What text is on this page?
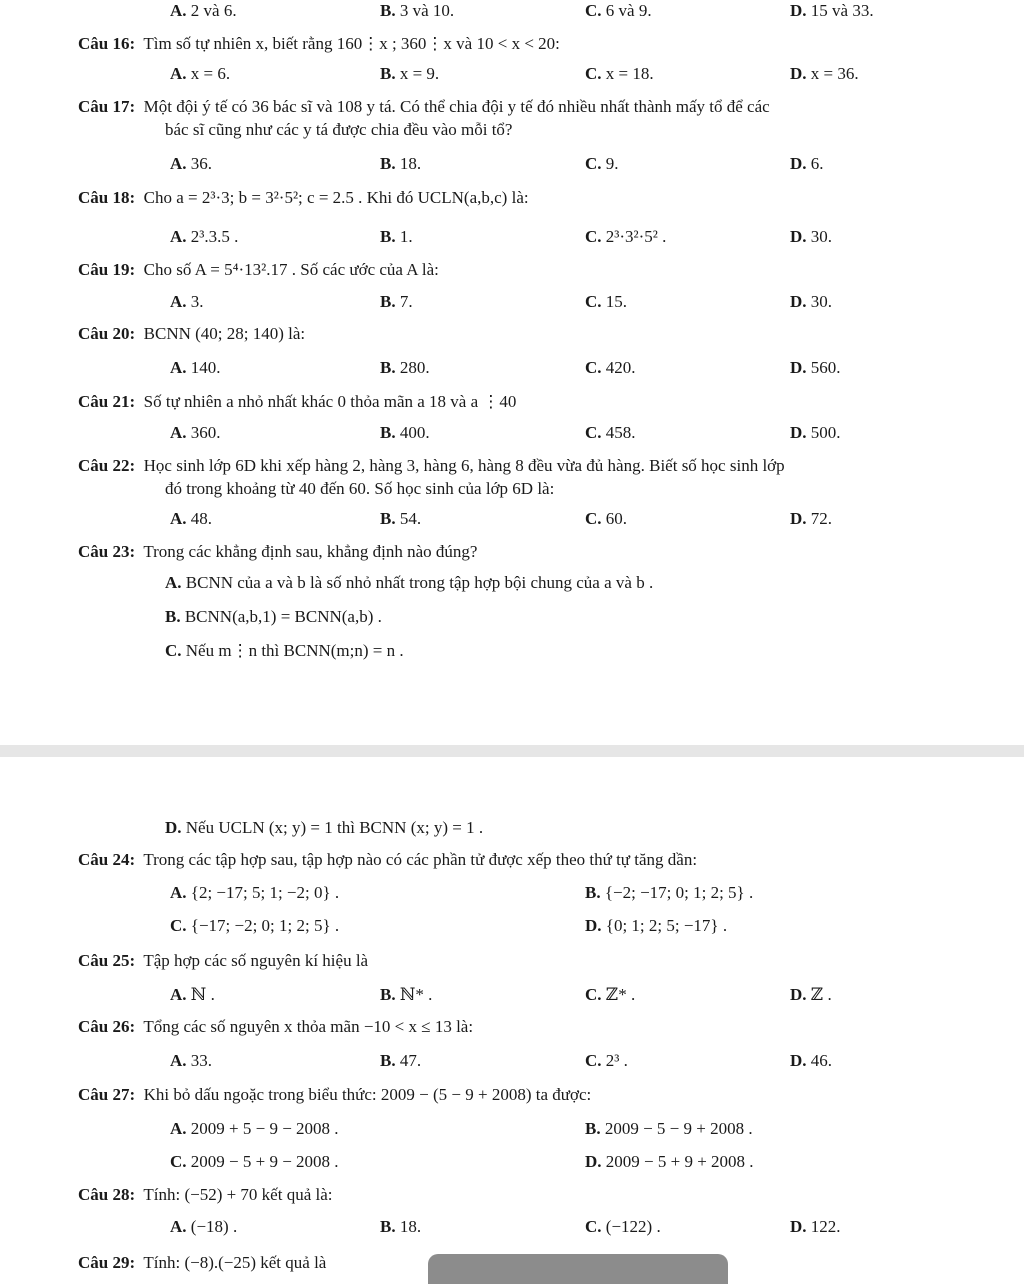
A. 2 và 6.	B. 3 và 10.	C. 6 và 9.	D. 15 và 33.
Câu 16: Tìm số tự nhiên x, biết rằng 160⋮x ; 360⋮x và 10 < x < 20:
A. x = 6.	B. x = 9.	C. x = 18.	D. x = 36.
Câu 17: Một đội ý tế có 36 bác sĩ và 108 y tá. Có thể chia đội y tế đó nhiều nhất thành mấy tổ để các
bác sĩ cũng như các y tá được chia đều vào mỗi tổ?
A. 36.	B. 18.	C. 9.	D. 6.
Câu 18: Cho a = 2³·3; b = 3²·5²; c = 2.5 . Khi đó UCLN(a,b,c) là:
A. 2³.3.5 .	B. 1.	C. 2³·3²·5² .	D. 30.
Câu 19: Cho số A = 5⁴·13².17 . Số các ước của A là:
A. 3.	B. 7.	C. 15.	D. 30.
Câu 20: BCNN (40; 28; 140) là:
A. 140.	B. 280.	C. 420.	D. 560.
Câu 21: Số tự nhiên a nhỏ nhất khác 0 thỏa mãn a 18 và a ⋮40
A. 360.	B. 400.	C. 458.	D. 500.
Câu 22: Học sinh lớp 6D khi xếp hàng 2, hàng 3, hàng 6, hàng 8 đều vừa đủ hàng. Biết số học sinh lớp
đó trong khoảng từ 40 đến 60. Số học sinh của lớp 6D là:
A. 48.	B. 54.	C. 60.	D. 72.
Câu 23: Trong các khẳng định sau, khẳng định nào đúng?
A. BCNN của a và b là số nhỏ nhất trong tập hợp bội chung của a và b .
B. BCNN(a,b,1) = BCNN(a,b) .
C. Nếu m⋮n thì BCNN(m;n) = n .
D. Nếu UCLN (x; y) = 1 thì BCNN (x; y) = 1 .
Câu 24: Trong các tập hợp sau, tập hợp nào có các phần tử được xếp theo thứ tự tăng dần:
A. {2; −17; 5; 1; −2; 0} .	B. {−2; −17; 0; 1; 2; 5} .
C. {−17; −2; 0; 1; 2; 5} .	D. {0; 1; 2; 5; −17} .
Câu 25: Tập hợp các số nguyên kí hiệu là
A. ℕ .	B. ℕ* .	C. ℤ* .	D. ℤ .
Câu 26: Tổng các số nguyên x thỏa mãn −10 < x ≤ 13 là:
A. 33.	B. 47.	C. 2³ .	D. 46.
Câu 27: Khi bỏ dấu ngoặc trong biểu thức: 2009 − (5 − 9 + 2008) ta được:
A. 2009 + 5 − 9 − 2008 .	B. 2009 − 5 − 9 + 2008 .
C. 2009 − 5 + 9 − 2008 .	D. 2009 − 5 + 9 + 2008 .
Câu 28: Tính: (−52) + 70 kết quả là:
A. (−18) .	B. 18.	C. (−122) .	D. 122.
Câu 29: Tính: (−8).(−25) kết quả là
